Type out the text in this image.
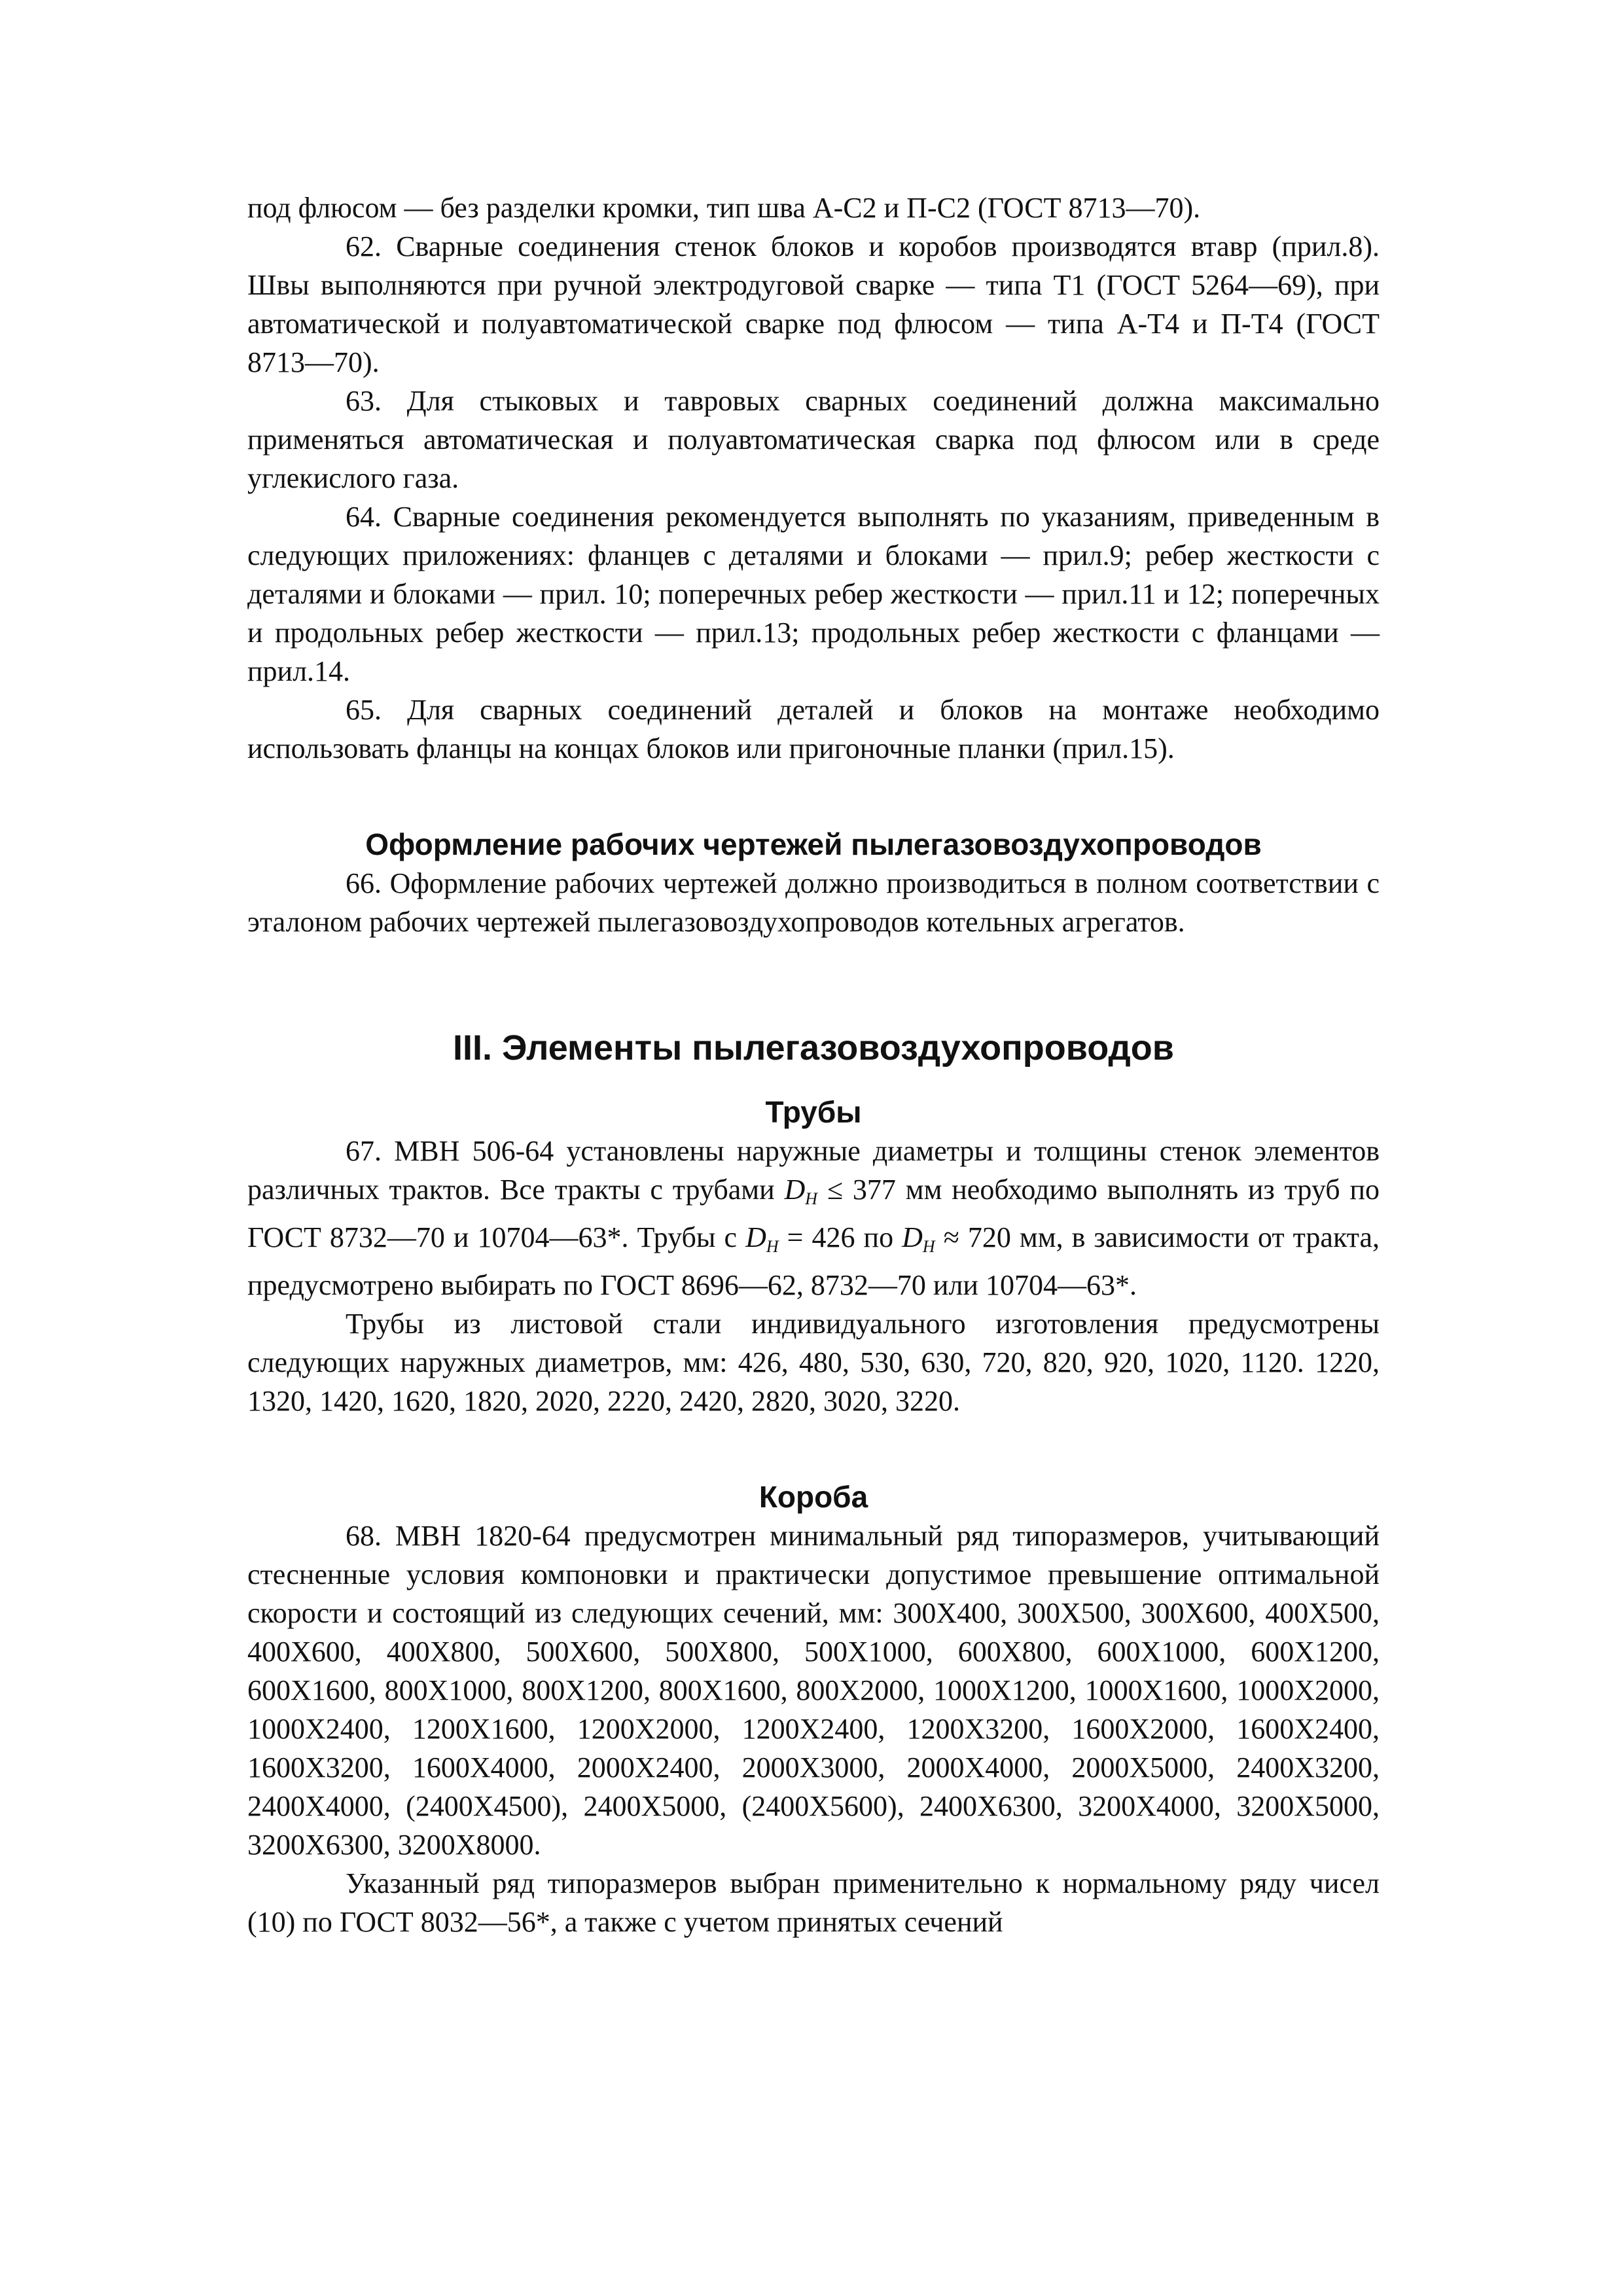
под флюсом — без разделки кромки, тип шва А-С2 и П-С2 (ГОСТ 8713—70).

62. Сварные соединения стенок блоков и коробов производятся втавр (прил.8). Швы выполняются при ручной электродуговой сварке — типа Т1 (ГОСТ 5264—69), при автоматической и полуавтоматической сварке под флюсом — типа А-Т4 и П-Т4 (ГОСТ 8713—70).

63. Для стыковых и тавровых сварных соединений должна максимально применяться автоматическая и полуавтоматическая сварка под флюсом или в среде углекислого газа.

64. Сварные соединения рекомендуется выполнять по указаниям, приведенным в следующих приложениях: фланцев с деталями и блоками — прил.9; ребер жесткости с деталями и блоками — прил. 10; поперечных ребер жесткости — прил.11 и 12; поперечных и продольных ребер жесткости — прил.13; продольных ребер жесткости с фланцами — прил.14.

65. Для сварных соединений деталей и блоков на монтаже необходимо использовать фланцы на концах блоков или пригоночные планки (прил.15).

Оформление рабочих чертежей пылегазовоздухопроводов

66. Оформление рабочих чертежей должно производиться в полном соответствии с эталоном рабочих чертежей пылегазовоздухопроводов котельных агрегатов.

III. Элементы пылегазовоздухопроводов
Трубы

67. МВН 506-64 установлены наружные диаметры и толщины стенок элементов различных трактов. Все тракты с трубами $D_Н \le 377$ мм необходимо выполнять из труб по ГОСТ 8732—70 и 10704—63*. Трубы с $D_Н = 426$ по $D_Н \approx 720$ мм, в зависимости от тракта, предусмотрено выбирать по ГОСТ 8696—62, 8732—70 или 10704—63*.

Трубы из листовой стали индивидуального изготовления предусмотрены следующих наружных диаметров, мм: 426, 480, 530, 630, 720, 820, 920, 1020, 1120. 1220, 1320, 1420, 1620, 1820, 2020, 2220, 2420, 2820, 3020, 3220.

Короба

68. МВН 1820-64 предусмотрен минимальный ряд типоразмеров, учитывающий стесненные условия компоновки и практически допустимое превышение оптимальной скорости и состоящий из следующих сечений, мм: 300Х400, 300Х500, 300Х600, 400Х500, 400Х600, 400Х800, 500Х600, 500Х800, 500Х1000, 600Х800, 600Х1000, 600Х1200, 600Х1600, 800Х1000, 800Х1200, 800Х1600, 800Х2000, 1000Х1200, 1000Х1600, 1000Х2000, 1000Х2400, 1200Х1600, 1200Х2000, 1200Х2400, 1200Х3200, 1600Х2000, 1600Х2400, 1600Х3200, 1600Х4000, 2000Х2400, 2000Х3000, 2000Х4000, 2000Х5000, 2400Х3200, 2400Х4000, (2400Х4500), 2400Х5000, (2400Х5600), 2400Х6300, 3200Х4000, 3200Х5000, 3200Х6300, 3200Х8000.

Указанный ряд типоразмеров выбран применительно к нормальному ряду чисел (10) по ГОСТ 8032—56*, а также с учетом принятых сечений
